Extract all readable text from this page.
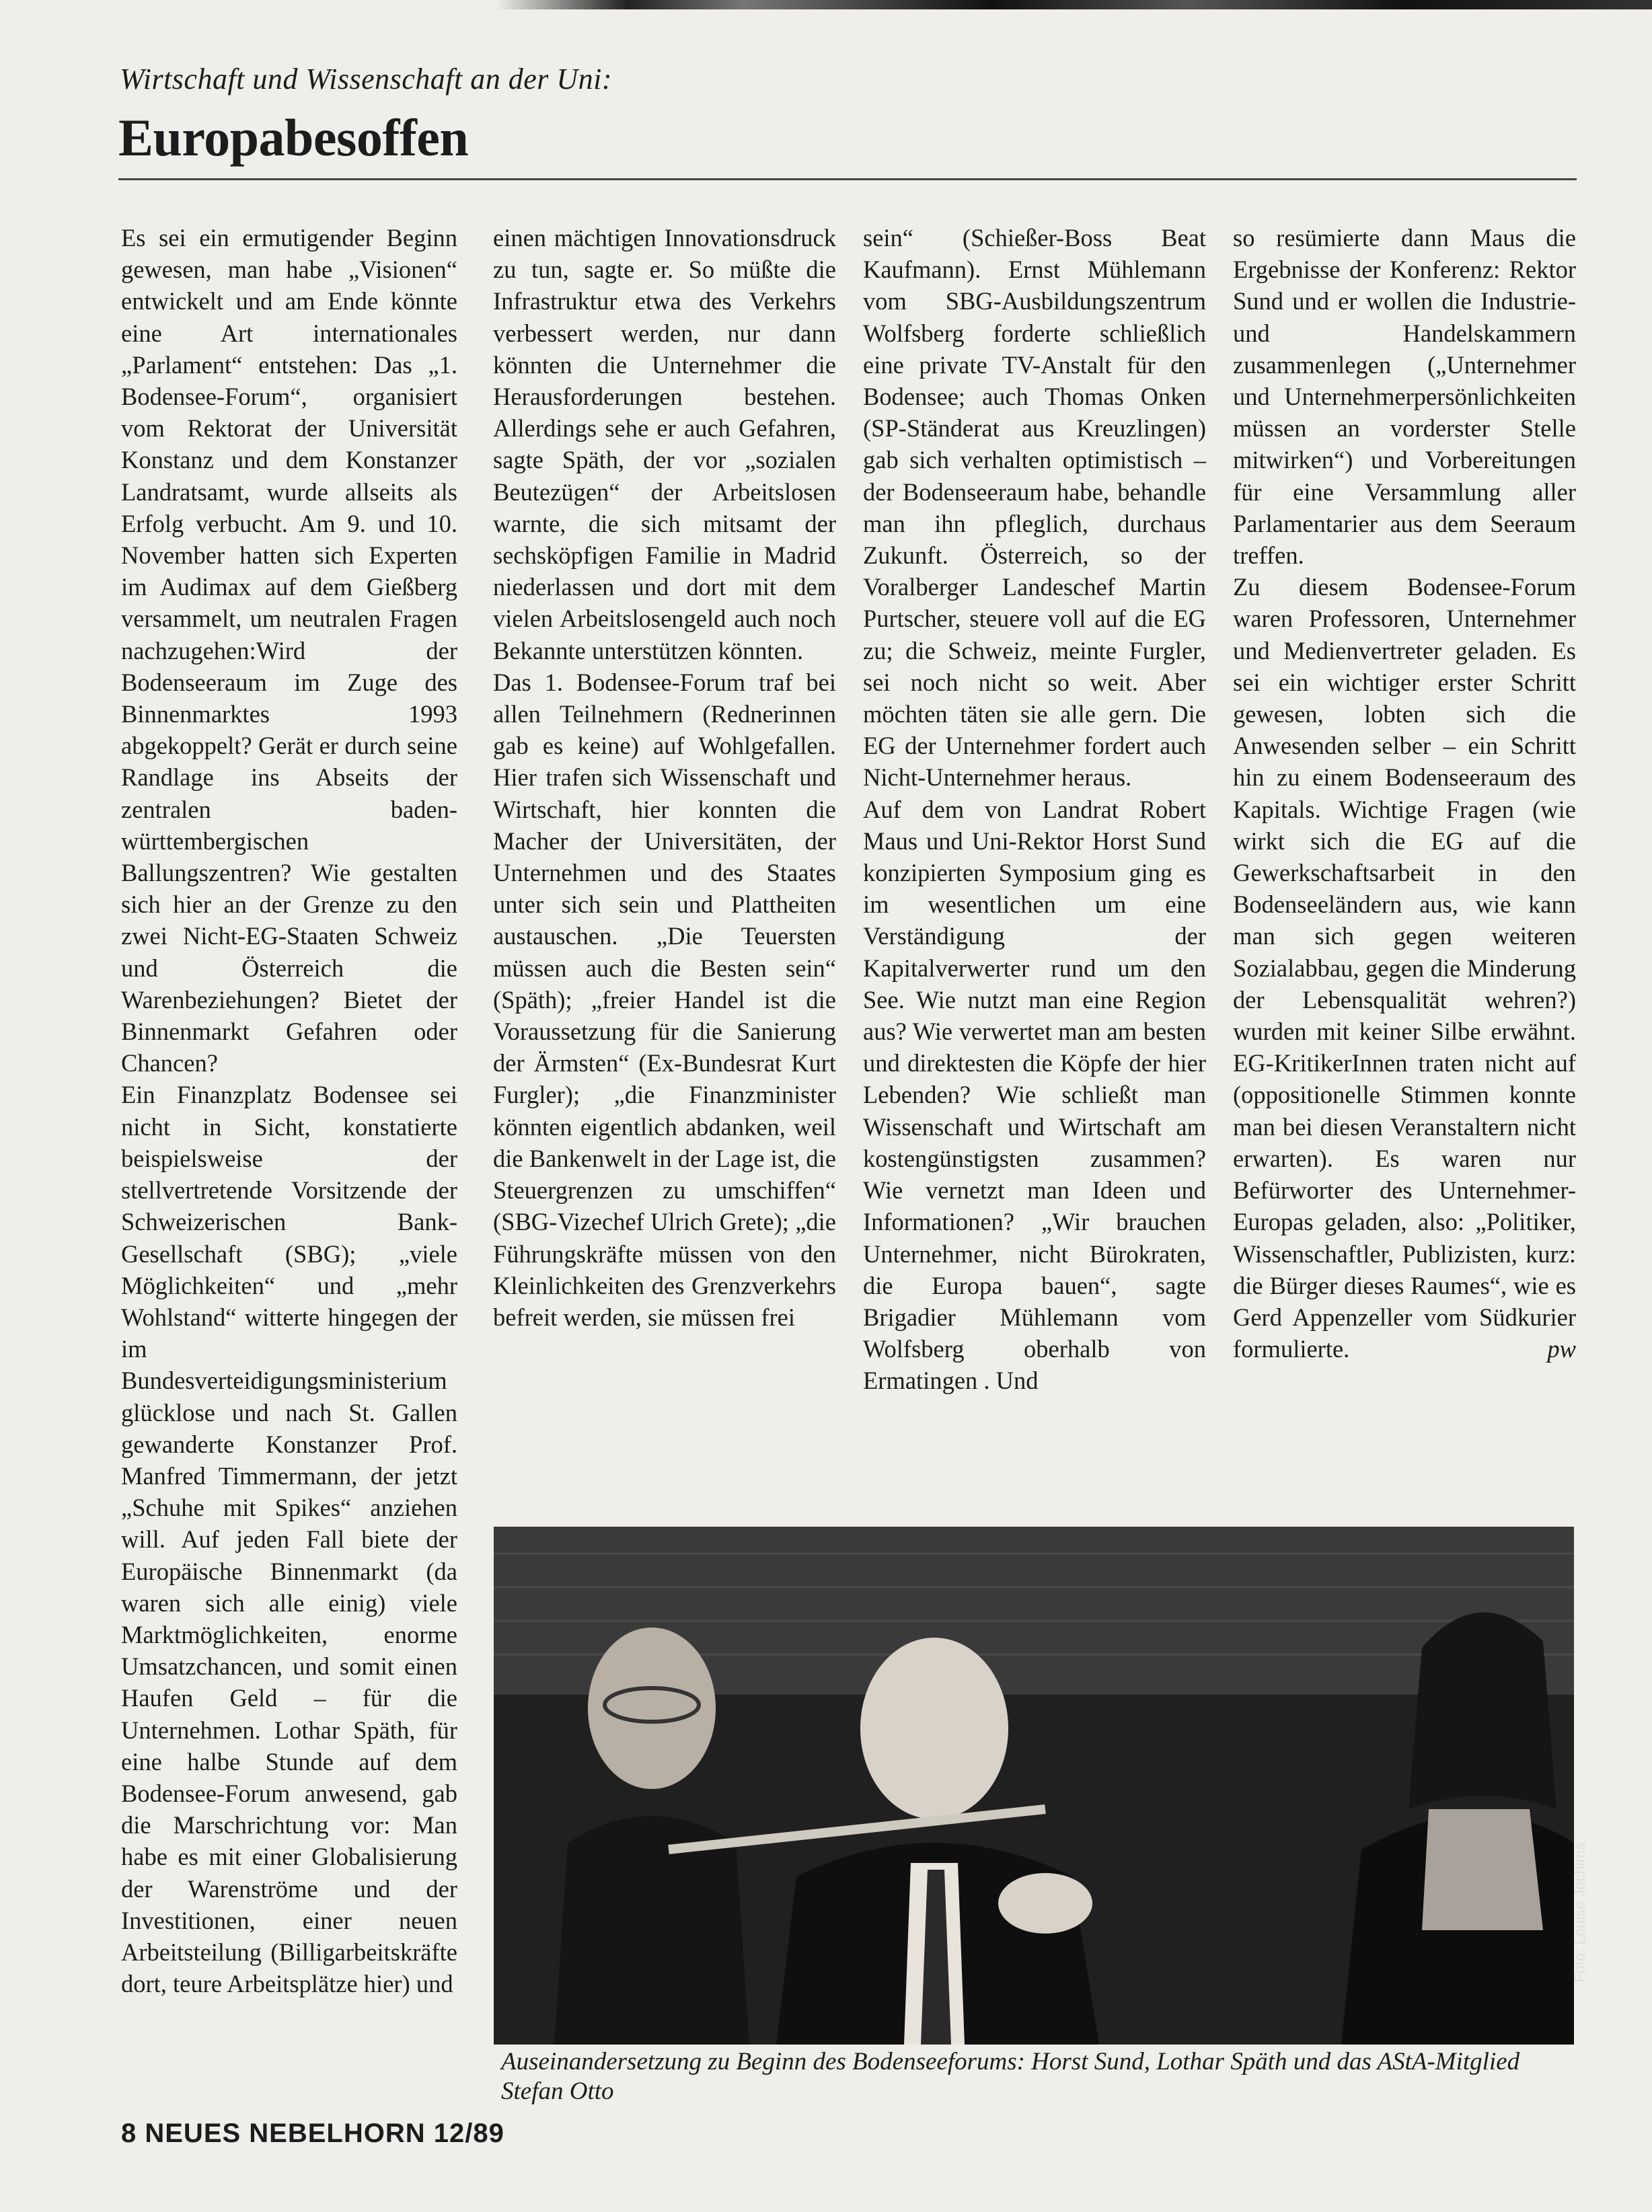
Wirtschaft und Wissenschaft an der Uni:
Europabesoffen

Es sei ein ermutigender Beginn gewesen, man habe „Visionen“ entwickelt und am Ende könnte eine Art internationales „Parlament“ entstehen: Das „1. Bodensee-Forum“, organisiert vom Rektorat der Universität Konstanz und dem Konstanzer Landratsamt, wurde allseits als Erfolg verbucht. Am 9. und 10. November hatten sich Experten im Audimax auf dem Gießberg versammelt, um neutralen Fragen nachzugehen:Wird der Bodenseeraum im Zuge des Binnenmarktes 1993 abgekoppelt? Gerät er durch seine Randlage ins Abseits der zentralen baden-württembergischen Ballungszentren? Wie gestalten sich hier an der Grenze zu den zwei Nicht-EG-Staaten Schweiz und Österreich die Warenbeziehungen? Bietet der Binnenmarkt Gefahren oder Chancen?

Ein Finanzplatz Bodensee sei nicht in Sicht, konstatierte beispielsweise der stellvertretende Vorsitzende der Schweizerischen Bank-Gesellschaft (SBG); „viele Möglichkeiten“ und „mehr Wohlstand“ witterte hingegen der im Bundesverteidigungsministerium glücklose und nach St. Gallen gewanderte Konstanzer Prof. Manfred Timmermann, der jetzt „Schuhe mit Spikes“ anziehen will. Auf jeden Fall biete der Europäische Binnenmarkt (da waren sich alle einig) viele Marktmöglichkeiten, enorme Umsatzchancen, und somit einen Haufen Geld – für die Unternehmen. Lothar Späth, für eine halbe Stunde auf dem Bodensee-Forum anwesend, gab die Marschrichtung vor: Man habe es mit einer Globalisierung der Warenströme und der Investitionen, einer neuen Arbeitsteilung (Billigarbeitskräfte dort, teure Arbeitsplätze hier) und

einen mächtigen Innovationsdruck zu tun, sagte er. So müßte die Infrastruktur etwa des Verkehrs verbessert werden, nur dann könnten die Unternehmer die Herausforderungen bestehen. Allerdings sehe er auch Gefahren, sagte Späth, der vor „sozialen Beutezügen“ der Arbeitslosen warnte, die sich mitsamt der sechsköpfigen Familie in Madrid niederlassen und dort mit dem vielen Arbeitslosengeld auch noch Bekannte unterstützen könnten.

Das 1. Bodensee-Forum traf bei allen Teilnehmern (Rednerinnen gab es keine) auf Wohlgefallen. Hier trafen sich Wissenschaft und Wirtschaft, hier konnten die Macher der Universitäten, der Unternehmen und des Staates unter sich sein und Plattheiten austauschen. „Die Teuersten müssen auch die Besten sein“ (Späth); „freier Handel ist die Voraussetzung für die Sanierung der Ärmsten“ (Ex-Bundesrat Kurt Furgler); „die Finanzminister könnten eigentlich abdanken, weil die Bankenwelt in der Lage ist, die Steuergrenzen zu umschiffen“ (SBG-Vizechef Ulrich Grete); „die Führungskräfte müssen von den Kleinlichkeiten des Grenzverkehrs befreit werden, sie müssen frei

sein“ (Schießer-Boss Beat Kaufmann). Ernst Mühlemann vom SBG-Ausbildungszentrum Wolfsberg forderte schließlich eine private TV-Anstalt für den Bodensee; auch Thomas Onken (SP-Ständerat aus Kreuzlingen) gab sich verhalten optimistisch – der Bodenseeraum habe, behandle man ihn pfleglich, durchaus Zukunft. Österreich, so der Voralberger Landeschef Martin Purtscher, steuere voll auf die EG zu; die Schweiz, meinte Furgler, sei noch nicht so weit. Aber möchten täten sie alle gern. Die EG der Unternehmer fordert auch Nicht-Unternehmer heraus.

Auf dem von Landrat Robert Maus und Uni-Rektor Horst Sund konzipierten Symposium ging es im wesentlichen um eine Verständigung der Kapitalverwerter rund um den See. Wie nutzt man eine Region aus? Wie verwertet man am besten und direktesten die Köpfe der hier Lebenden? Wie schließt man Wissenschaft und Wirtschaft am kostengünstigsten zusammen? Wie vernetzt man Ideen und Informationen? „Wir brauchen Unternehmer, nicht Bürokraten, die Europa bauen“, sagte Brigadier Mühlemann vom Wolfsberg oberhalb von Ermatingen . Und

so resümierte dann Maus die Ergebnisse der Konferenz: Rektor Sund und er wollen die Industrie- und Handelskammern zusammenlegen („Unternehmer und Unternehmerpersönlichkeiten müssen an vorderster Stelle mitwirken“) und Vorbereitungen für eine Versammlung aller Parlamentarier aus dem Seeraum treffen.

Zu diesem Bodensee-Forum waren Professoren, Unternehmer und Medienvertreter geladen. Es sei ein wichtiger erster Schritt gewesen, lobten sich die Anwesenden selber – ein Schritt hin zu einem Bodenseeraum des Kapitals. Wichtige Fragen (wie wirkt sich die EG auf die Gewerkschaftsarbeit in den Bodenseeländern aus, wie kann man sich gegen weiteren Sozialabbau, gegen die Minderung der Lebensqualität wehren?) wurden mit keiner Silbe erwähnt. EG-KritikerInnen traten nicht auf (oppositionelle Stimmen konnte man bei diesen Veranstaltern nicht erwarten). Es waren nur Befürworter des Unternehmer-Europas geladen, also: „Politiker, Wissenschaftler, Publizisten, kurz: die Bürger dieses Raumes“, wie es Gerd Appenzeller vom Südkurier formulierte.	pw

Foto: Louise Jochims
Auseinandersetzung zu Beginn des Bodenseeforums: Horst Sund, Lothar Späth und das AStA-Mitglied Stefan Otto
8 NEUES NEBELHORN 12/89
